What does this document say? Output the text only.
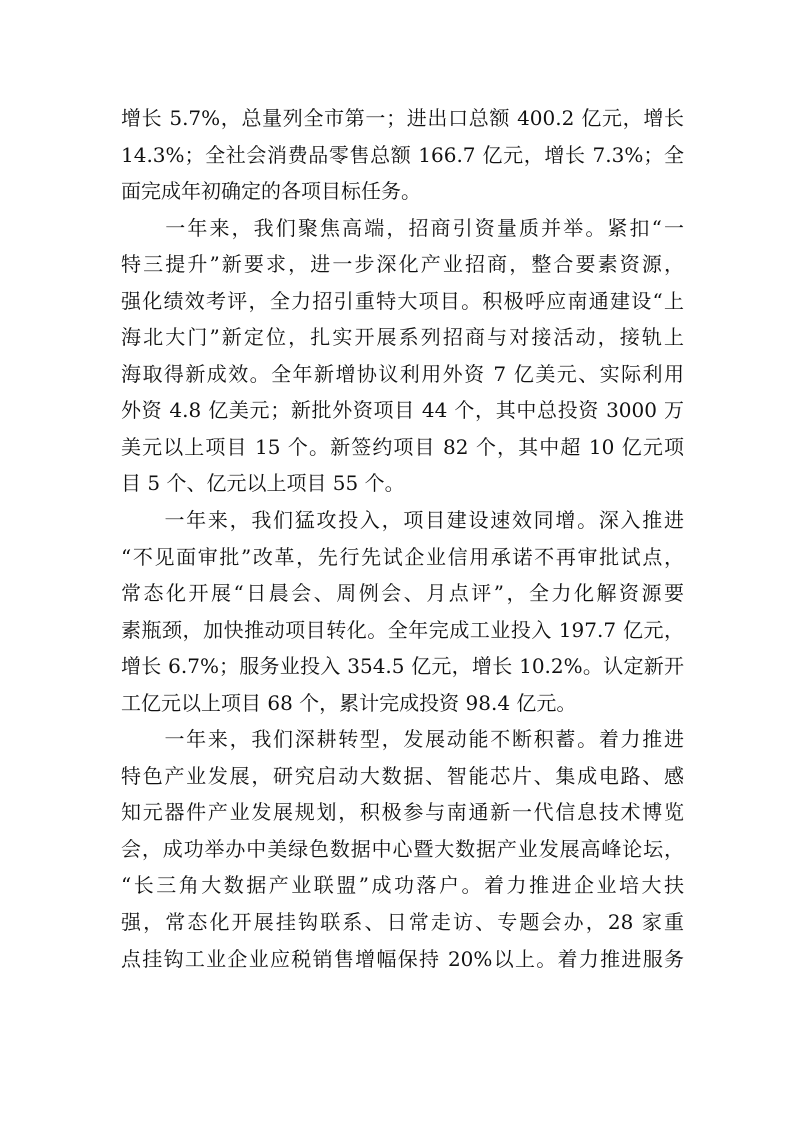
增长 5.7%，总量列全市第一；进出口总额 400.2 亿元，增长
14.3%；全社会消费品零售总额 166.7 亿元，增长 7.3%；全
面完成年初确定的各项目标任务。
　　一年来，我们聚焦高端，招商引资量质并举。紧扣“一
特三提升”新要求，进一步深化产业招商，整合要素资源，
强化绩效考评，全力招引重特大项目。积极呼应南通建设“上
海北大门”新定位，扎实开展系列招商与对接活动，接轨上
海取得新成效。全年新增协议利用外资 7 亿美元、实际利用
外资 4.8 亿美元；新批外资项目 44 个，其中总投资 3000 万
美元以上项目 15 个。新签约项目 82 个，其中超 10 亿元项
目 5 个、亿元以上项目 55 个。
　　一年来，我们猛攻投入，项目建设速效同增。深入推进
“不见面审批”改革，先行先试企业信用承诺不再审批试点，
常态化开展“日晨会、周例会、月点评”，全力化解资源要
素瓶颈，加快推动项目转化。全年完成工业投入 197.7 亿元，
增长 6.7%；服务业投入 354.5 亿元，增长 10.2%。认定新开
工亿元以上项目 68 个，累计完成投资 98.4 亿元。
　　一年来，我们深耕转型，发展动能不断积蓄。着力推进
特色产业发展，研究启动大数据、智能芯片、集成电路、感
知元器件产业发展规划，积极参与南通新一代信息技术博览
会，成功举办中美绿色数据中心暨大数据产业发展高峰论坛，
“长三角大数据产业联盟”成功落户。着力推进企业培大扶
强，常态化开展挂钩联系、日常走访、专题会办，28 家重
点挂钩工业企业应税销售增幅保持 20%以上。着力推进服务
